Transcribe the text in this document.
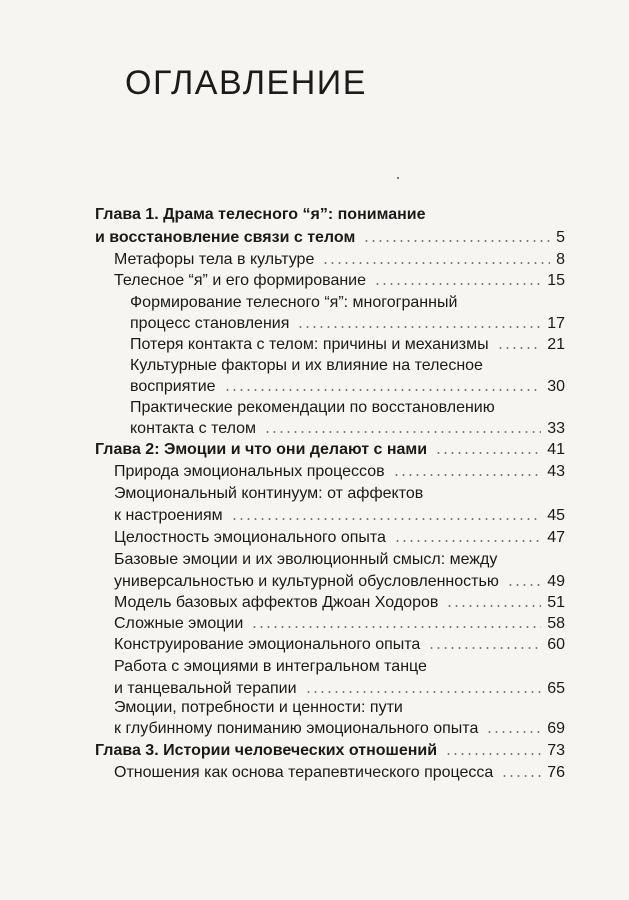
ОГЛАВЛЕНИЕ
Глава 1. Драма телесного “я”: понимание
и восстановление связи с телом	5
Метафоры тела в культуре	8
Телесное “я” и его формирование	15
Формирование телесного “я”: многогранный
процесс становления	17
Потеря контакта с телом: причины и механизмы	21
Культурные факторы и их влияние на телесное
восприятие	30
Практические рекомендации по восстановлению
контакта с телом	33
Глава 2: Эмоции и что они делают с нами	41
Природа эмоциональных процессов	43
Эмоциональный континуум: от аффектов
к настроениям	45
Целостность эмоционального опыта	47
Базовые эмоции и их эволюционный смысл: между
универсальностью и культурной обусловленностью	49
Модель базовых аффектов Джоан Ходоров	51
Сложные эмоции	58
Конструирование эмоционального опыта	60
Работа с эмоциями в интегральном танце
и танцевальной терапии	65
Эмоции, потребности и ценности: пути
к глубинному пониманию эмоционального опыта	69
Глава 3. Истории человеческих отношений	73
Отношения как основа терапевтического процесса	76
